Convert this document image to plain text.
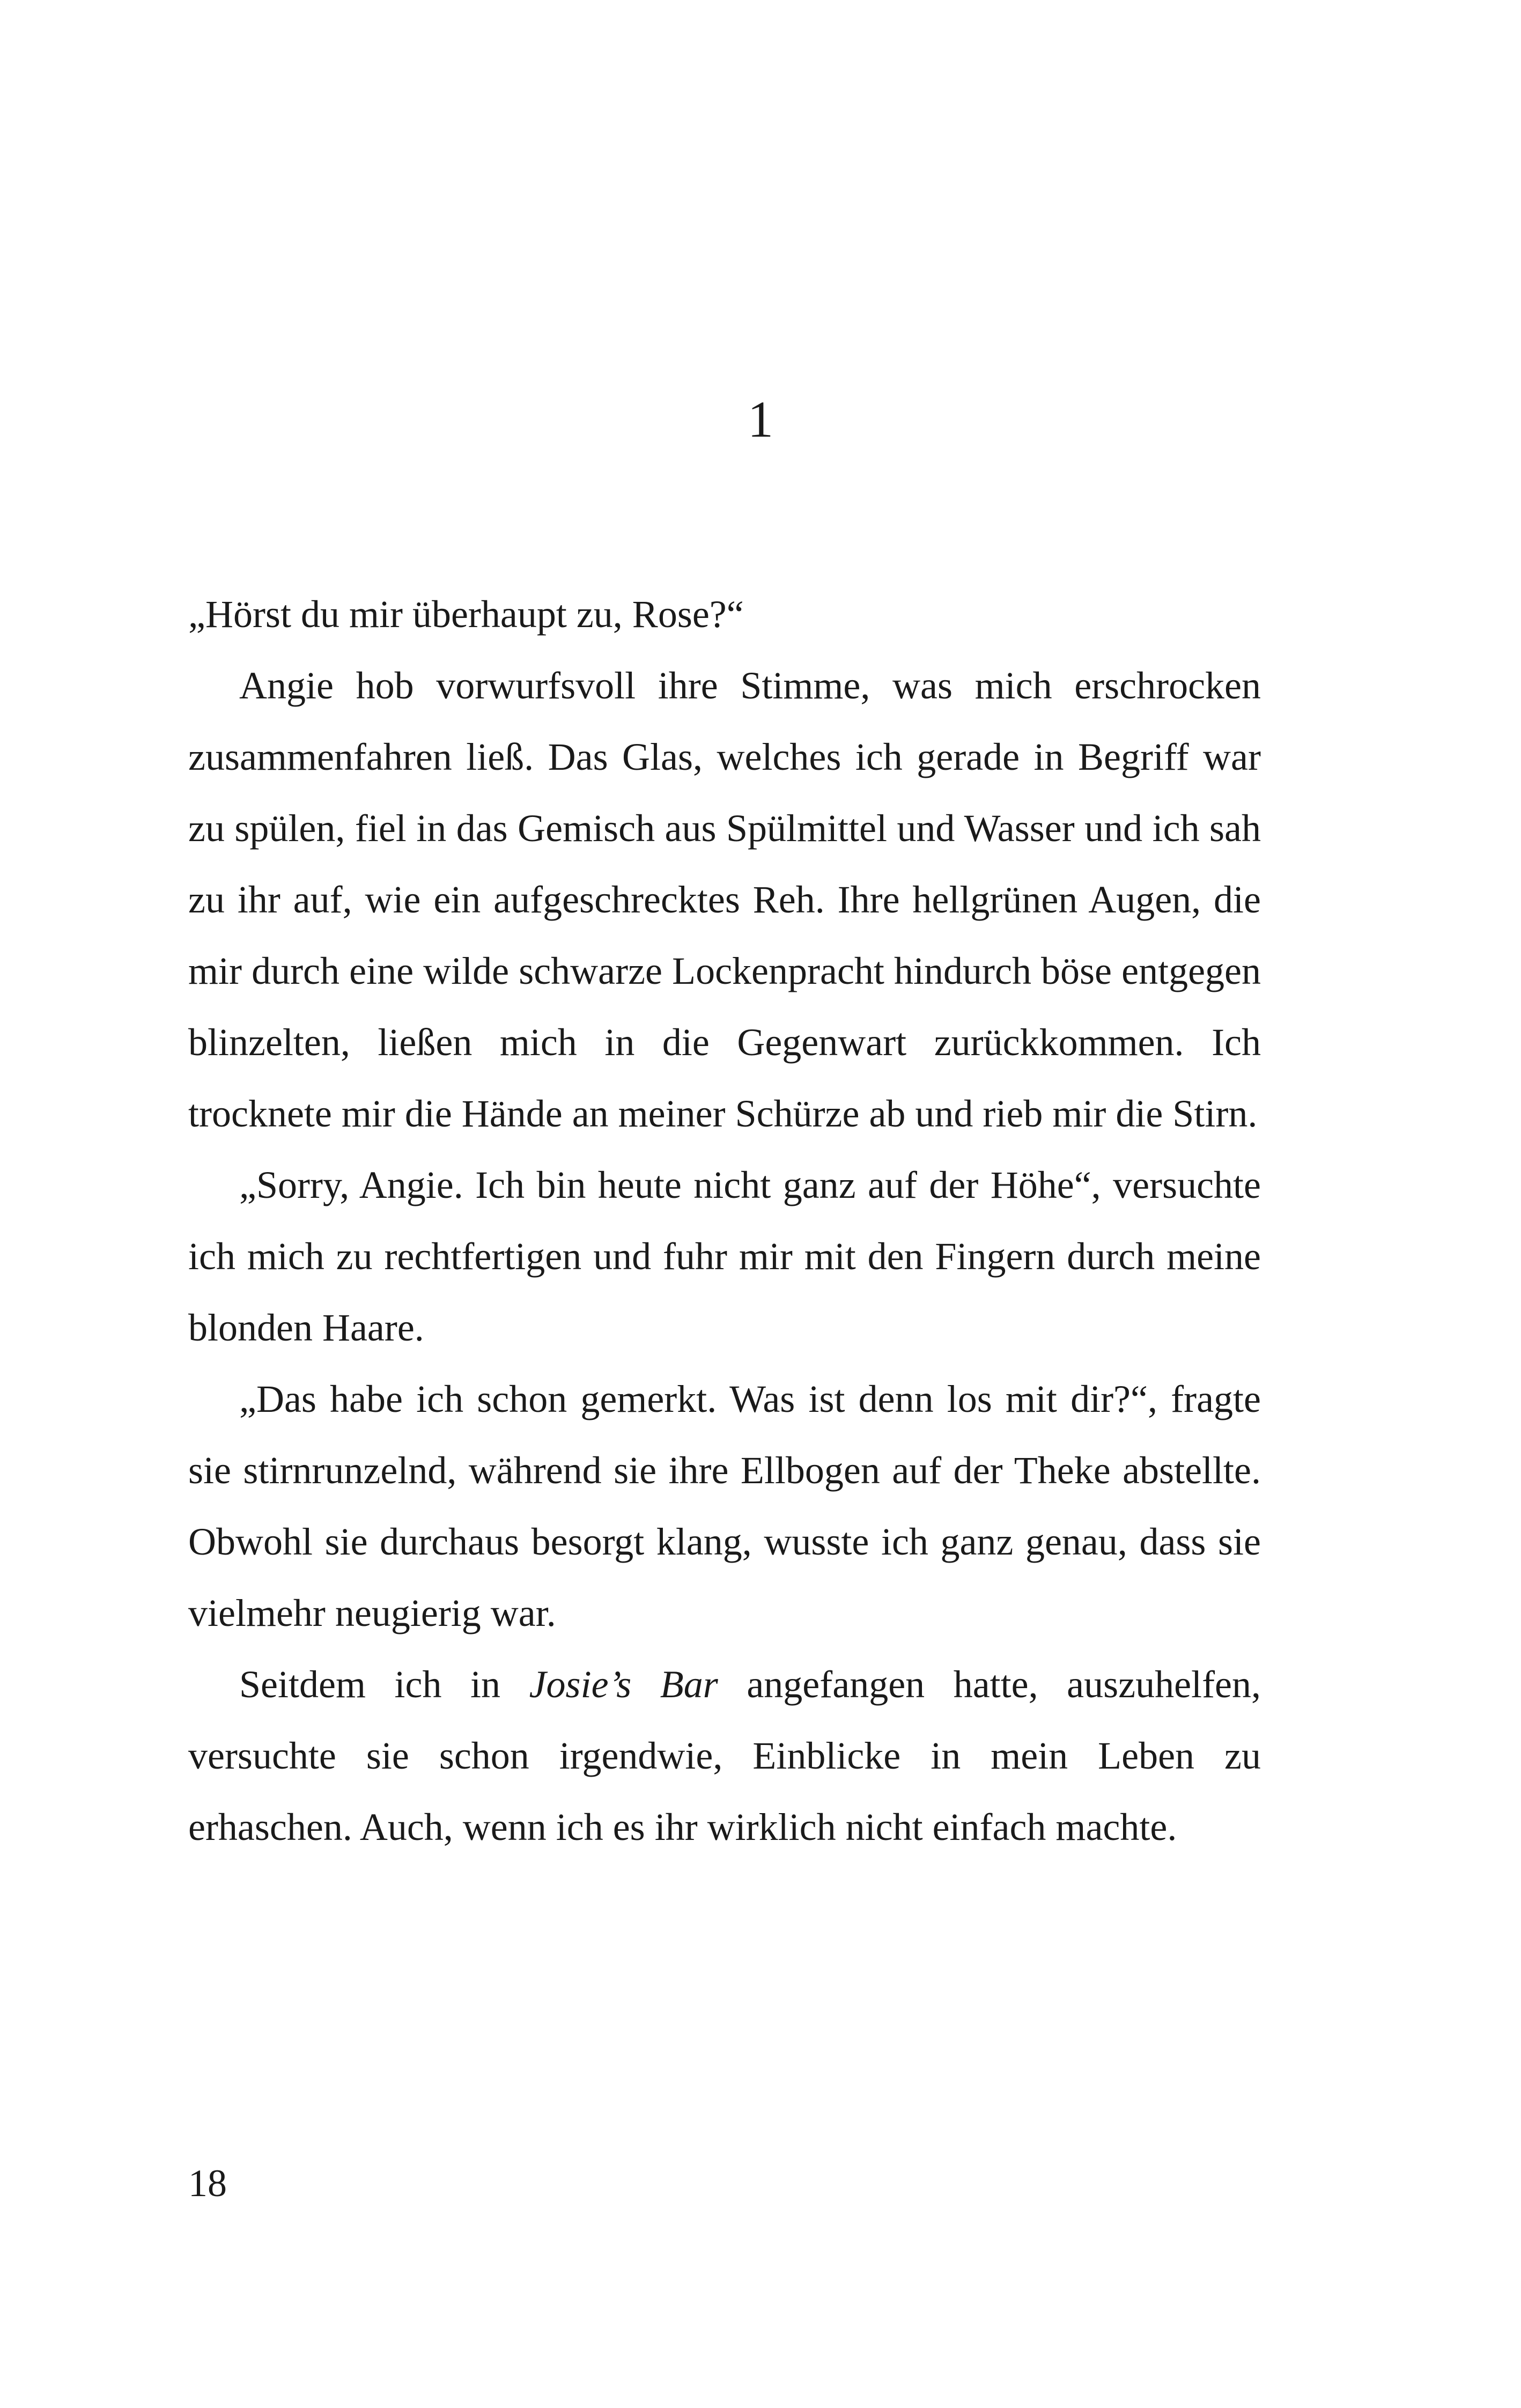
1

„Hörst du mir überhaupt zu, Rose?“

Angie hob vorwurfsvoll ihre Stimme, was mich erschrocken zusammenfahren ließ. Das Glas, welches ich gerade in Begriff war zu spülen, fiel in das Gemisch aus Spülmittel und Wasser und ich sah zu ihr auf, wie ein aufgeschrecktes Reh. Ihre hellgrünen Augen, die mir durch eine wilde schwarze Lockenpracht hindurch böse entgegen blinzelten, ließen mich in die Gegenwart zurückkommen. Ich trocknete mir die Hände an meiner Schürze ab und rieb mir die Stirn.

„Sorry, Angie. Ich bin heute nicht ganz auf der Höhe“, versuchte ich mich zu rechtfertigen und fuhr mir mit den Fingern durch meine blonden Haare.

„Das habe ich schon gemerkt. Was ist denn los mit dir?“, fragte sie stirnrunzelnd, während sie ihre Ellbogen auf der Theke abstellte. Obwohl sie durchaus besorgt klang, wusste ich ganz genau, dass sie vielmehr neugierig war.

Seitdem ich in Josie’s Bar angefangen hatte, auszuhelfen, versuchte sie schon irgendwie, Einblicke in mein Leben zu erhaschen. Auch, wenn ich es ihr wirklich nicht einfach machte.

18
